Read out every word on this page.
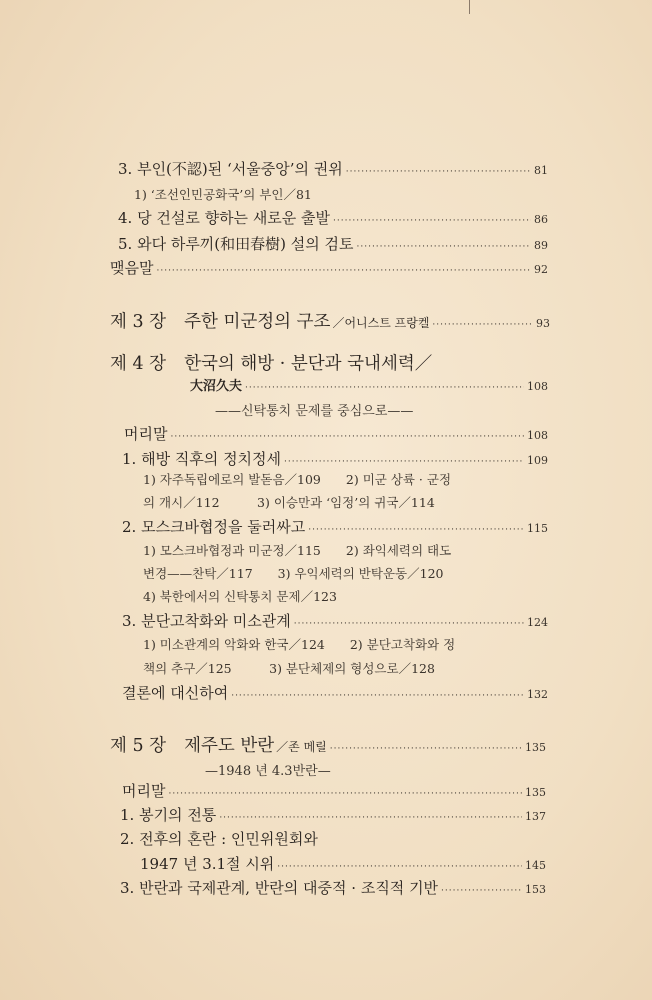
3. 부인(不認)된 ‘서울중앙’의 권위 ·····	81
1) ‘조선인민공화국’의 부인／81
4. 당 건설로 향하는 새로운 출발 ·····	86
5. 와다 하루끼(和田春樹) 설의 검토 ·····	89
맺음말 ·····	92
제 3 장 주한 미군정의 구조 ／어니스트 프랑켈 ·····	93
제 4 장 한국의 해방 · 분단과 국내세력／
大沼久夫 ·····	108
——신탁통치 문제를 중심으로——
머리말 ·····	108
1. 해방 직후의 정치정세 ·····	109
1) 자주독립에로의 발돋음／109　　2) 미군 상륙 · 군정
의 개시／112　　　3) 이승만과 ‘임정’의 귀국／114
2. 모스크바협정을 둘러싸고 ·····	115
1) 모스크바협정과 미군정／115　　2) 좌익세력의 태도
변경——찬탁／117　　3) 우익세력의 반탁운동／120
4) 북한에서의 신탁통치 문제／123
3. 분단고착화와 미소관계 ·····	124
1) 미소관계의 악화와 한국／124　　2) 분단고착화와 정
책의 추구／125　　　3) 분단체제의 형성으로／128
결론에 대신하여 ·····	132
제 5 장 제주도 반란 ／존 메릴 ·····	135
—1948 년 4.3반란—
머리말 ·····	135
1. 봉기의 전통 ·····	137
2. 전후의 혼란 : 인민위원회와
1947 년 3.1절 시위 ·····	145
3. 반란과 국제관계, 반란의 대중적 · 조직적 기반 ·····	153
